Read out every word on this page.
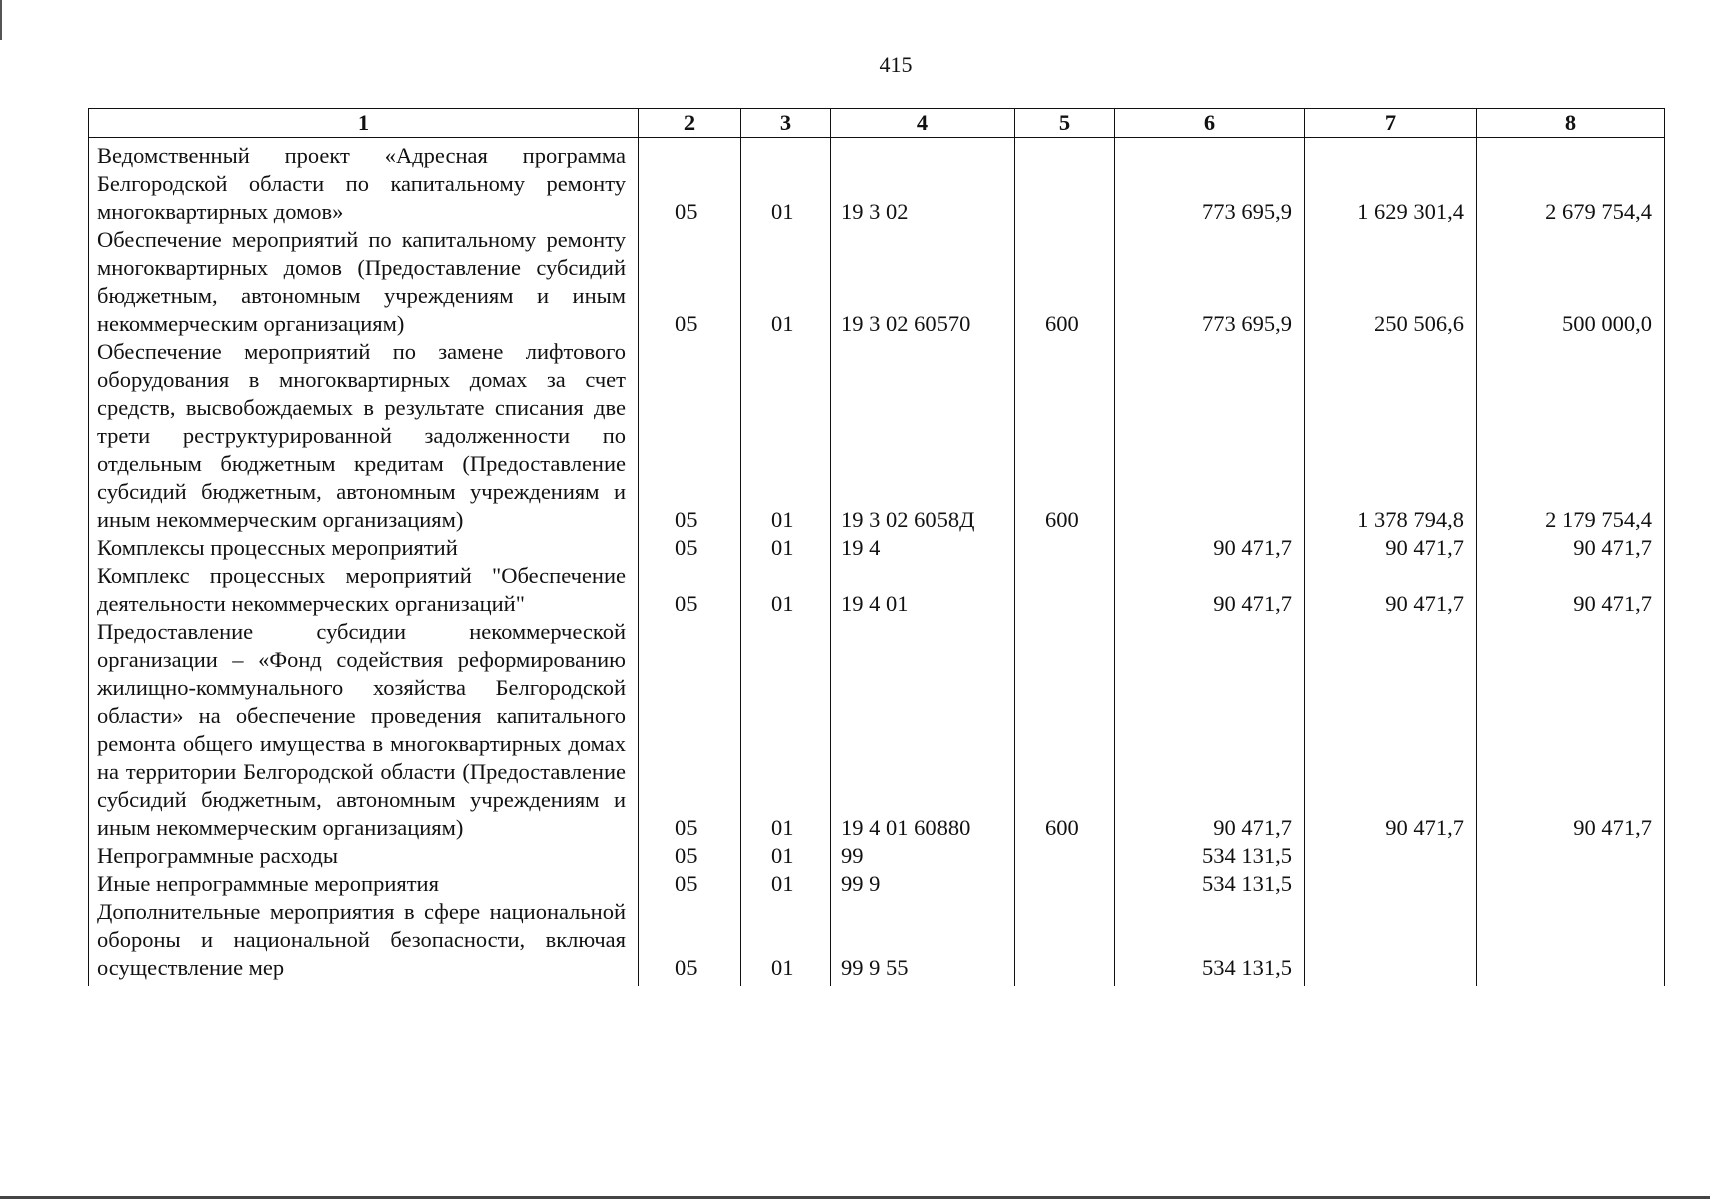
415
1	2	3	4	5	6	7	8

Ведомственный проект «Адресная программа Белгородской области по капитальному ремонту многоквартирных домов»	05	01	19 3 02		773 695,9	1 629 301,4	2 679 754,4
Обеспечение мероприятий по капитальному ремонту многоквартирных домов (Предоставление субсидий бюджетным, автономным учреждениям и иным некоммерческим организациям)	05	01	19 3 02 60570	600	773 695,9	250 506,6	500 000,0
Обеспечение мероприятий по замене лифтового оборудования в многоквартирных домах за счет средств, высвобождаемых в результате списания две трети реструктурированной задолженности по отдельным бюджетным кредитам (Предоставление субсидий бюджетным, автономным учреждениям и иным некоммерческим организациям)	05	01	19 3 02 6058Д	600		1 378 794,8	2 179 754,4
Комплексы процессных мероприятий	05	01	19 4		90 471,7	90 471,7	90 471,7
Комплекс процессных мероприятий "Обеспечение деятельности некоммерческих организаций"	05	01	19 4 01		90 471,7	90 471,7	90 471,7
Предоставление субсидии некоммерческой организации – «Фонд содействия реформированию жилищно-коммунального хозяйства Белгородской области» на обеспечение проведения капитального ремонта общего имущества в многоквартирных домах на территории Белгородской области (Предоставление субсидий бюджетным, автономным учреждениям и иным некоммерческим организациям)	05	01	19 4 01 60880	600	90 471,7	90 471,7	90 471,7
Непрограммные расходы	05	01	99		534 131,5		
Иные непрограммные мероприятия	05	01	99 9		534 131,5		
Дополнительные мероприятия в сфере национальной обороны и национальной безопасности, включая осуществление мер	05	01	99 9 55		534 131,5		
